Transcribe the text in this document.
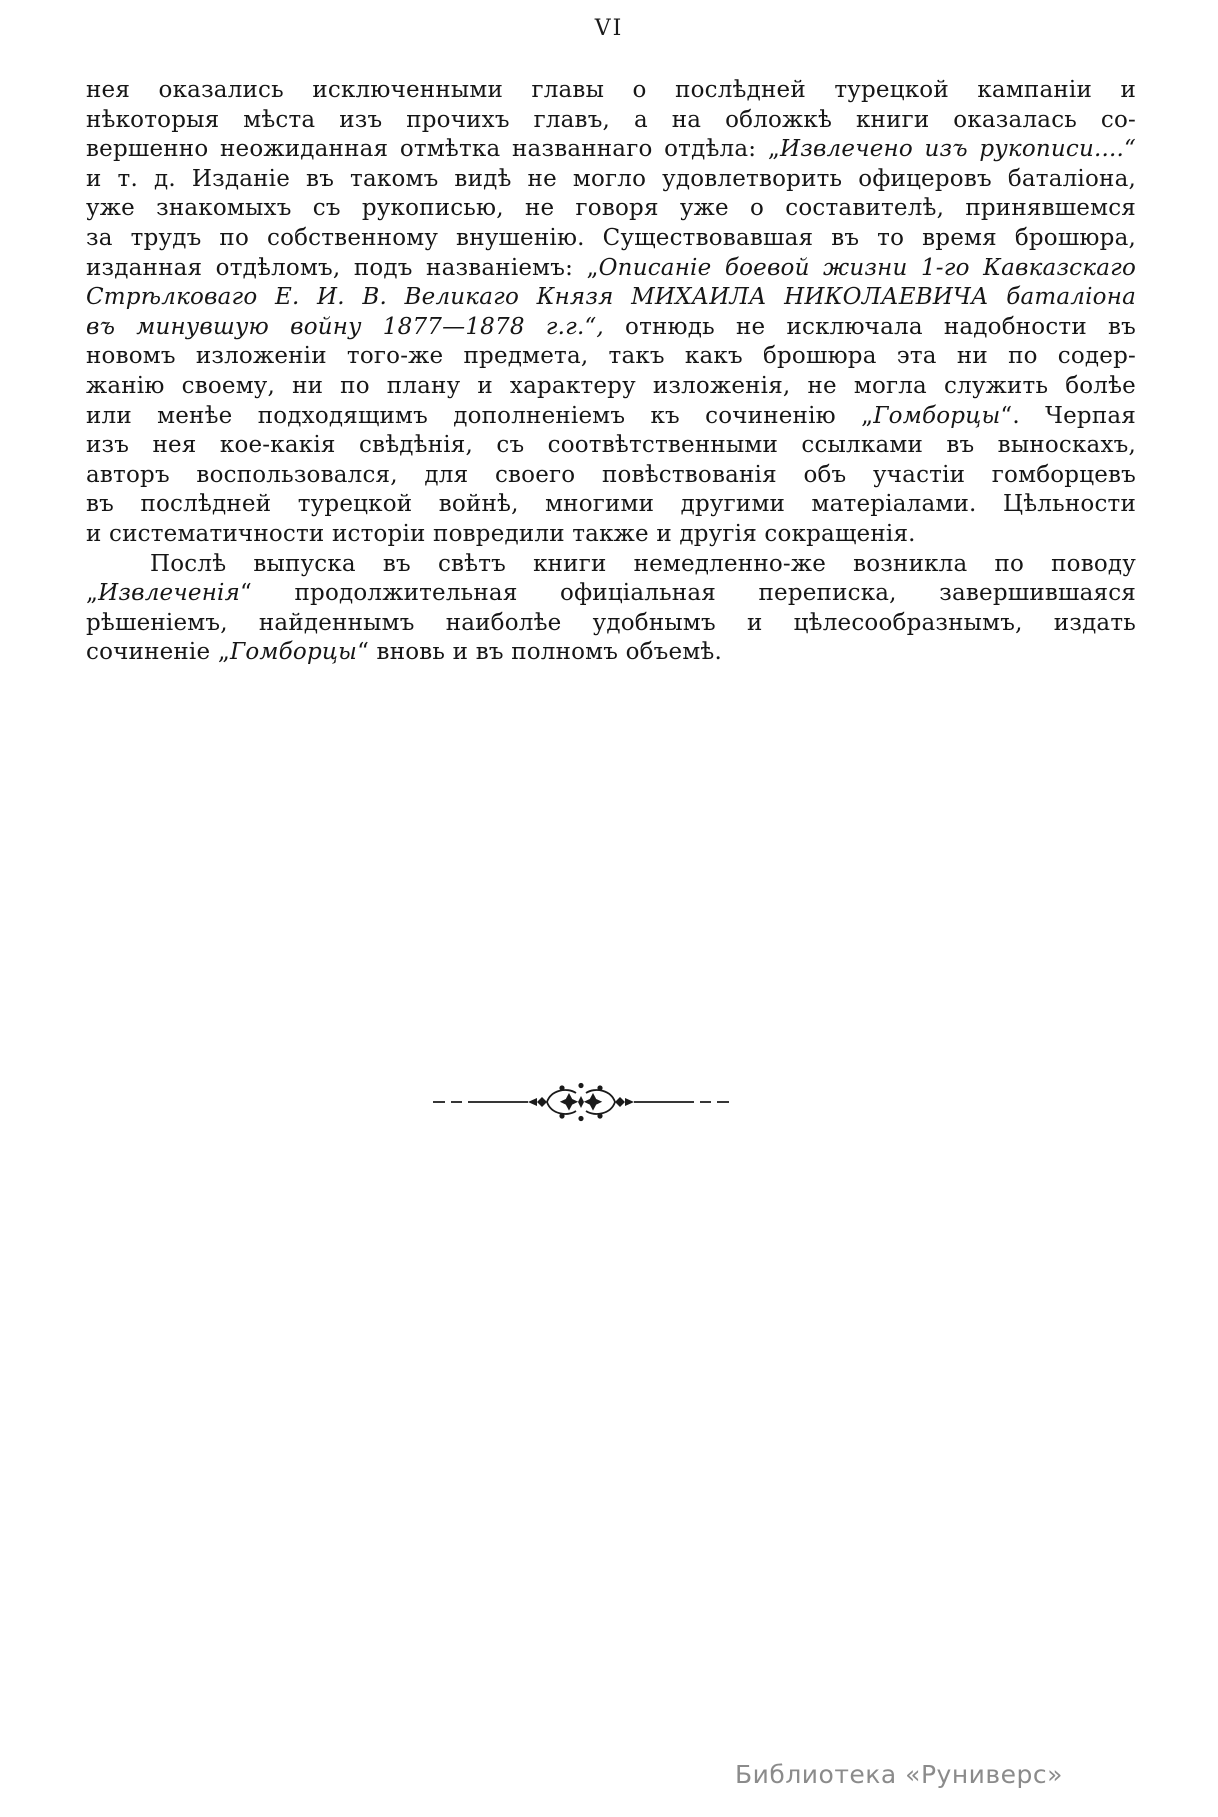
VI
нея оказались исключенными главы о послѣдней турецкой кампаніи и
нѣкоторыя мѣста изъ прочихъ главъ, а на обложкѣ книги оказалась со-
вершенно неожиданная отмѣтка названнаго отдѣла: „Извлечено изъ рукописи....“
и т. д. Изданіе въ такомъ видѣ не могло удовлетворить офицеровъ баталіона,
уже знакомыхъ съ рукописью, не говоря уже о составителѣ, принявшемся
за трудъ по собственному внушенію. Существовавшая въ то время брошюра,
изданная отдѣломъ, подъ названіемъ: „Описаніе боевой жизни 1-го Кавказскаго
Стрѣлковаго Е. И. В. Великаго Князя МИХАИЛА НИКОЛАЕВИЧА баталіона
въ минувшую войну 1877—1878 г.г.“, отнюдь не исключала надобности въ
новомъ изложеніи того-же предмета, такъ какъ брошюра эта ни по содер-
жанію своему, ни по плану и характеру изложенія, не могла служить болѣе
или менѣе подходящимъ дополненіемъ къ сочиненію „Гомборцы“. Черпая
изъ нея кое-какія свѣдѣнія, съ соотвѣтственными ссылками въ выноскахъ,
авторъ воспользовался, для своего повѣствованія объ участіи гомборцевъ
въ послѣдней турецкой войнѣ, многими другими матеріалами. Цѣльности
и систематичности исторіи повредили также и другія сокращенія.
Послѣ выпуска въ свѣтъ книги немедленно-же возникла по поводу
„Извлеченія“ продолжительная офиціальная переписка, завершившаяся
рѣшеніемъ, найденнымъ наиболѣе удобнымъ и цѣлесообразнымъ, издать
сочиненіе „Гомборцы“ вновь и въ полномъ объемѣ.
Библиотека «Руниверс»
